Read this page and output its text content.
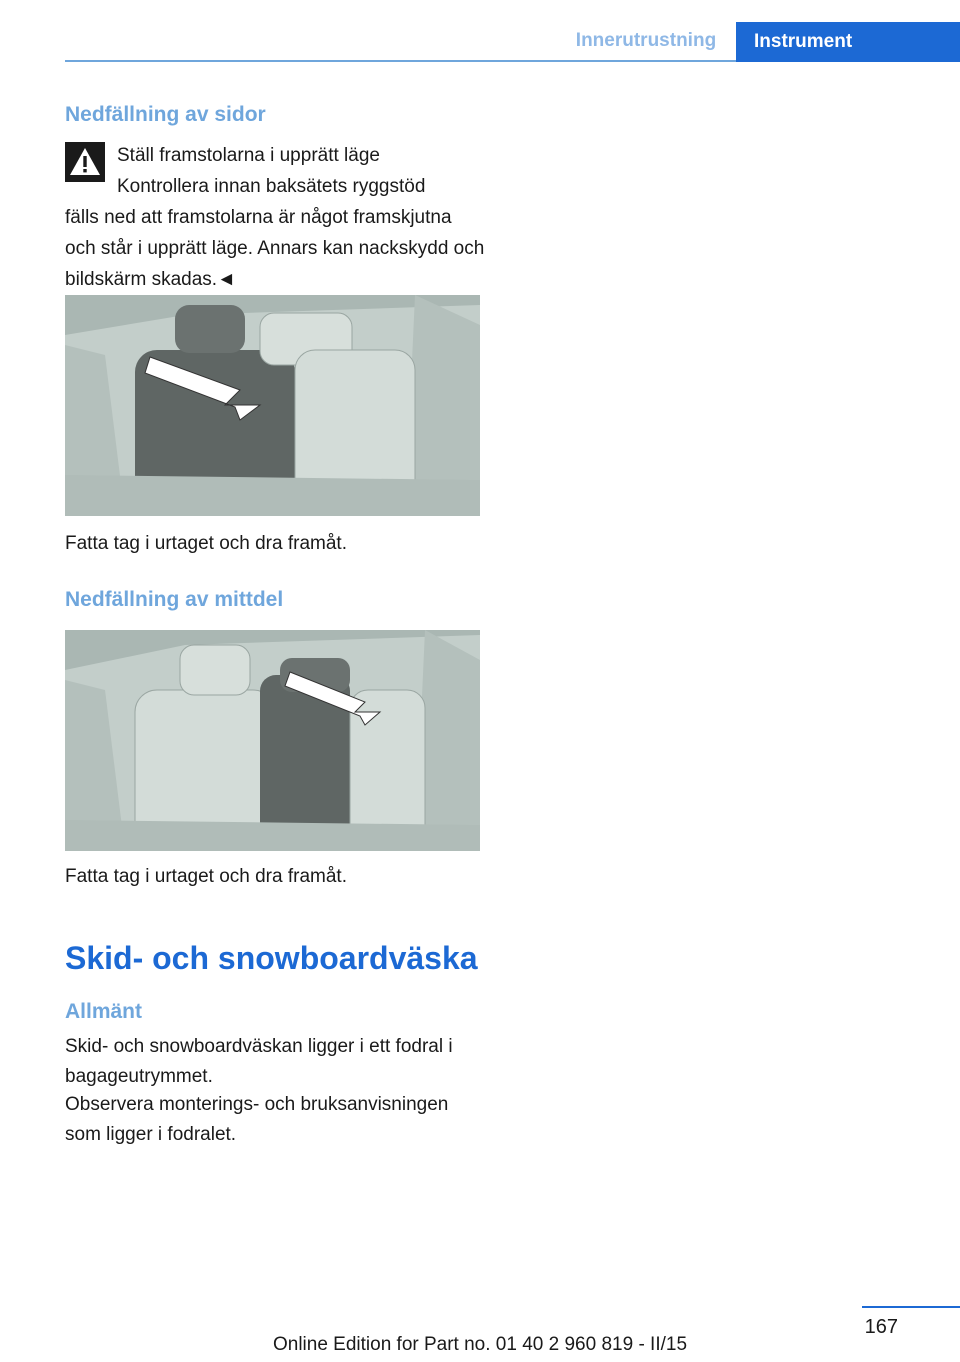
Innerutrustning	Instrument
Nedfällning av sidor

Ställ framstolarna i upprätt läge
Kontrollera innan baksätets ryggstöd
fälls ned att framstolarna är något framskjutna och står i upprätt läge. Annars kan nackskydd och bildskärm skadas.◄

Fatta tag i urtaget och dra framåt.

Nedfällning av mittdel

Fatta tag i urtaget och dra framåt.

Skid- och snowboardväska
Allmänt

Skid- och snowboardväskan ligger i ett fodral i bagageutrymmet.

Observera monterings- och bruksanvisningen som ligger i fodralet.

167
Online Edition for Part no. 01 40 2 960 819 - II/15
